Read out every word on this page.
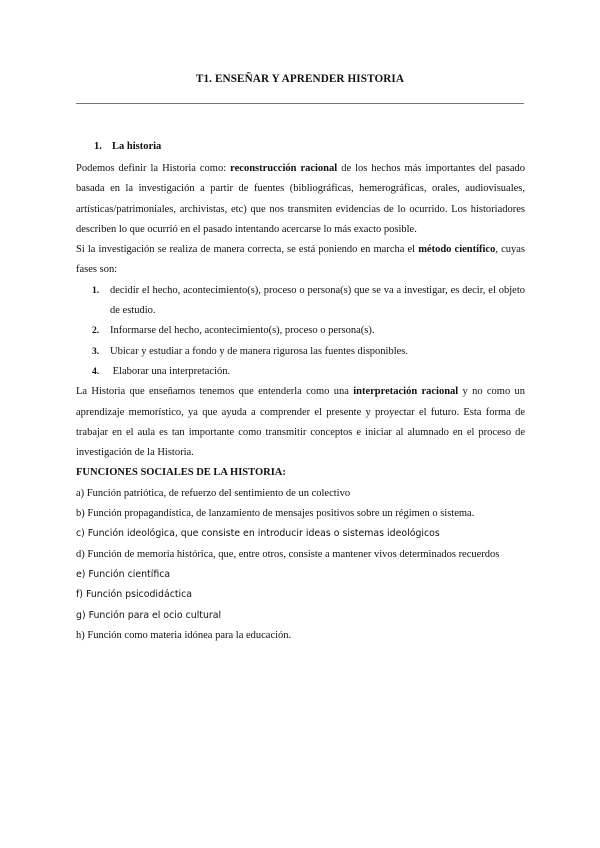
T1. ENSEÑAR Y APRENDER HISTORIA
1. La historia

Podemos definir la Historia como: reconstrucción racional de los hechos más importantes del pasado basada en la investigación a partir de fuentes (bibliográficas, hemerográficas, orales, audiovisuales, artísticas/patrimoniales, archivistas, etc) que nos transmiten evidencias de lo ocurrido. Los historiadores describen lo que ocurrió en el pasado intentando acercarse lo más exacto posible.

Si la investigación se realiza de manera correcta, se está poniendo en marcha el método científico, cuyas fases son:

1.	decidir el hecho, acontecimiento(s), proceso o persona(s) que se va a investigar, es decir, el objeto de estudio.
2.	Informarse del hecho, acontecimiento(s), proceso o persona(s).
3.	Ubicar y estudiar a fondo y de manera rigurosa las fuentes disponibles.
4.	Elaborar una interpretación.

La Historia que enseñamos tenemos que entenderla como una interpretación racional y no como un aprendizaje memorístico, ya que ayuda a comprender el presente y proyectar el futuro. Esta forma de trabajar en el aula es tan importante como transmitir conceptos e iniciar al alumnado en el proceso de investigación de la Historia.

FUNCIONES SOCIALES DE LA HISTORIA:
a) Función patriótica, de refuerzo del sentimiento de un colectivo
b) Función propagandística, de lanzamiento de mensajes positivos sobre un régimen o sistema.
c) Función ideológica, que consiste en introducir ideas o sistemas ideológicos

d) Función de memoria histórica, que, entre otros, consiste a mantener vivos determinados recuerdos

e) Función científica
f) Función psicodidáctica
g) Función para el ocio cultural
h) Función como materia idónea para la educación.
